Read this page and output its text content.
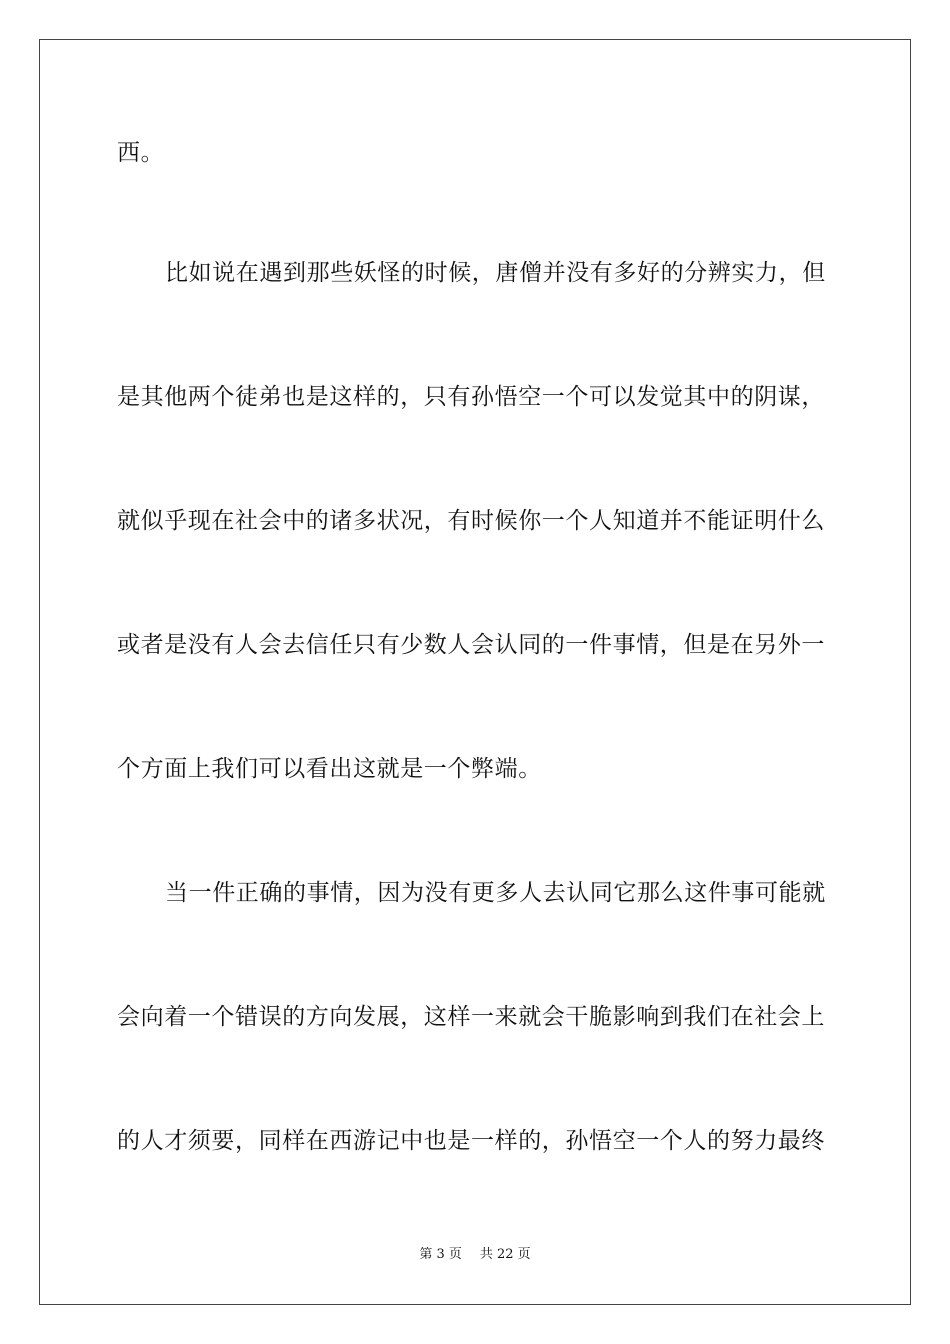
西。
比如说在遇到那些妖怪的时候，唐僧并没有多好的分辨实力，但
是其他两个徒弟也是这样的，只有孙悟空一个可以发觉其中的阴谋，
就似乎现在社会中的诸多状况，有时候你一个人知道并不能证明什么
或者是没有人会去信任只有少数人会认同的一件事情，但是在另外一
个方面上我们可以看出这就是一个弊端。
当一件正确的事情，因为没有更多人去认同它那么这件事可能就
会向着一个错误的方向发展，这样一来就会干脆影响到我们在社会上
的人才须要，同样在西游记中也是一样的，孙悟空一个人的努力最终
第 3 页 共 22 页
